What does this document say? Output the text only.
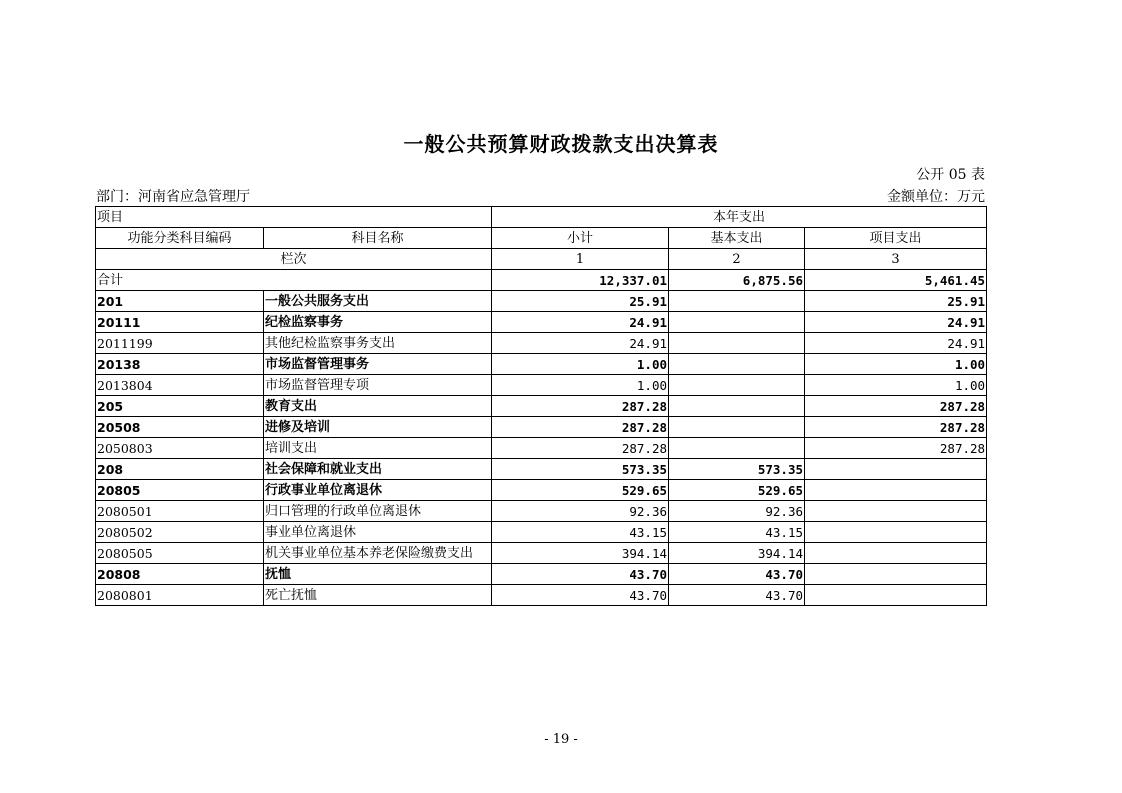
一般公共预算财政拨款支出决算表
公开 05 表
部门：河南省应急管理厅	金额单位：万元
项目		本年支出		
功能分类科目编码	科目名称	小计	基本支出	项目支出
栏次		1	2	3
合计		12,337.01	6,875.56	5,461.45
201	一般公共服务支出	25.91		25.91
20111	纪检监察事务	24.91		24.91
2011199	其他纪检监察事务支出	24.91		24.91
20138	市场监督管理事务	1.00		1.00
2013804	市场监督管理专项	1.00		1.00
205	教育支出	287.28		287.28
20508	进修及培训	287.28		287.28
2050803	培训支出	287.28		287.28
208	社会保障和就业支出	573.35	573.35	
20805	行政事业单位离退休	529.65	529.65	
2080501	归口管理的行政单位离退休	92.36	92.36	
2080502	事业单位离退休	43.15	43.15	
2080505	机关事业单位基本养老保险缴费支出	394.14	394.14	
20808	抚恤	43.70	43.70	
2080801	死亡抚恤	43.70	43.70	
- 19 -
